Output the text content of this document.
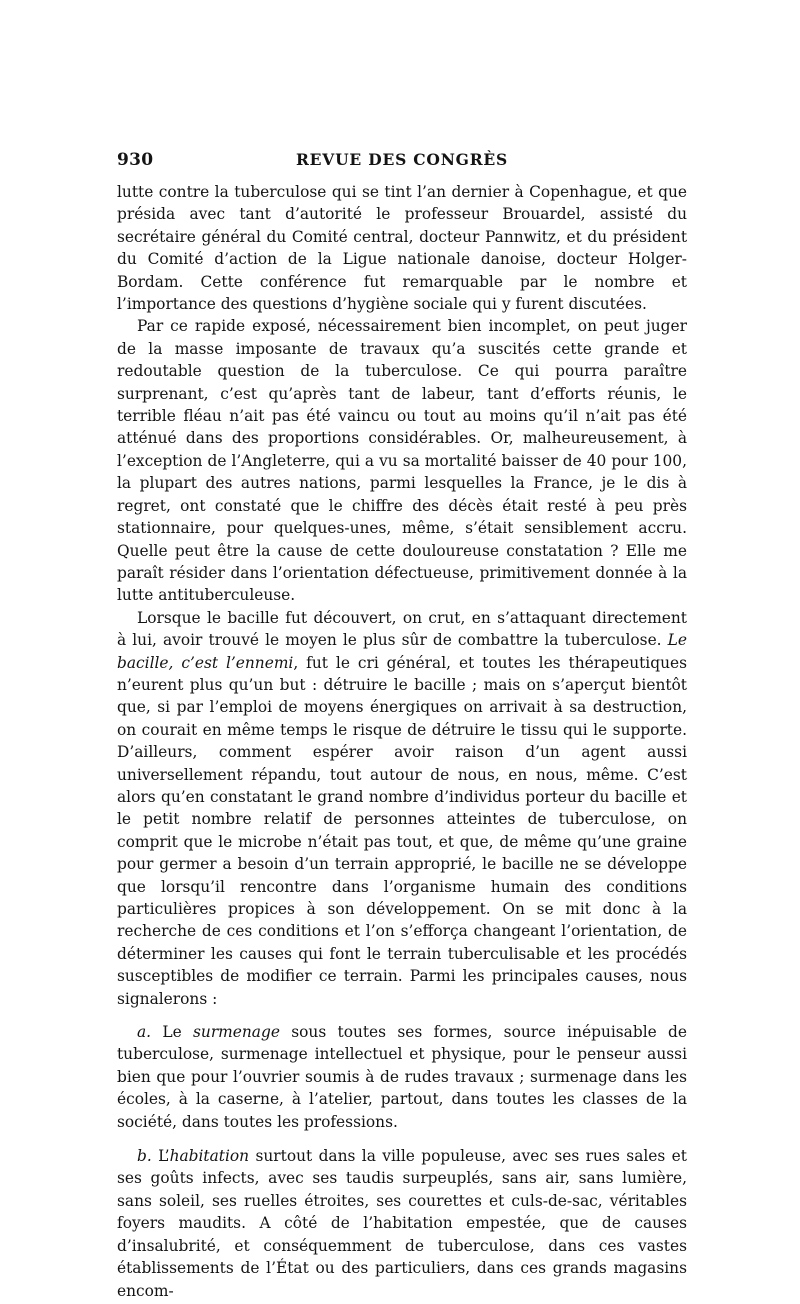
930	REVUE DES CONGRÈS

lutte contre la tuberculose qui se tint l’an dernier à Copenhague, et que présida avec tant d’autorité le professeur Brouardel, assisté du secrétaire général du Comité central, docteur Pannwitz, et du président du Comité d’action de la Ligue nationale danoise, docteur Holger-Bordam. Cette conférence fut remarquable par le nombre et l’importance des questions d’hygiène sociale qui y furent discutées.

Par ce rapide exposé, nécessairement bien incomplet, on peut juger de la masse imposante de travaux qu’a suscités cette grande et redoutable question de la tuberculose. Ce qui pourra paraître surprenant, c’est qu’après tant de labeur, tant d’efforts réunis, le terrible fléau n’ait pas été vaincu ou tout au moins qu’il n’ait pas été atténué dans des proportions considérables. Or, malheureusement, à l’exception de l’Angleterre, qui a vu sa mortalité baisser de 40 pour 100, la plupart des autres nations, parmi lesquelles la France, je le dis à regret, ont constaté que le chiffre des décès était resté à peu près stationnaire, pour quelques-unes, même, s’était sensiblement accru. Quelle peut être la cause de cette douloureuse constatation ? Elle me paraît résider dans l’orientation défectueuse, primitivement donnée à la lutte antituberculeuse.

Lorsque le bacille fut découvert, on crut, en s’attaquant directement à lui, avoir trouvé le moyen le plus sûr de combattre la tuberculose. Le bacille, c’est l’ennemi, fut le cri général, et toutes les thérapeutiques n’eurent plus qu’un but : détruire le bacille ; mais on s’aperçut bientôt que, si par l’emploi de moyens énergiques on arrivait à sa destruction, on courait en même temps le risque de détruire le tissu qui le supporte. D’ailleurs, comment espérer avoir raison d’un agent aussi universellement répandu, tout autour de nous, en nous, même. C’est alors qu’en constatant le grand nombre d’individus porteur du bacille et le petit nombre relatif de personnes atteintes de tuberculose, on comprit que le microbe n’était pas tout, et que, de même qu’une graine pour germer a besoin d’un terrain approprié, le bacille ne se développe que lorsqu’il rencontre dans l’organisme humain des conditions particulières propices à son développement. On se mit donc à la recherche de ces conditions et l’on s’efforça changeant l’orientation, de déterminer les causes qui font le terrain tuberculisable et les procédés susceptibles de modifier ce terrain. Parmi les principales causes, nous signalerons :

a. Le surmenage sous toutes ses formes, source inépuisable de tuberculose, surmenage intellectuel et physique, pour le penseur aussi bien que pour l’ouvrier soumis à de rudes travaux ; surmenage dans les écoles, à la caserne, à l’atelier, partout, dans toutes les classes de la société, dans toutes les professions.

b. L’habitation surtout dans la ville populeuse, avec ses rues sales et ses goûts infects, avec ses taudis surpeuplés, sans air, sans lumière, sans soleil, ses ruelles étroites, ses courettes et culs-de-sac, véritables foyers maudits. A côté de l’habitation empestée, que de causes d’insalubrité, et conséquemment de tuberculose, dans ces vastes établissements de l’État ou des particuliers, dans ces grands magasins encom-
